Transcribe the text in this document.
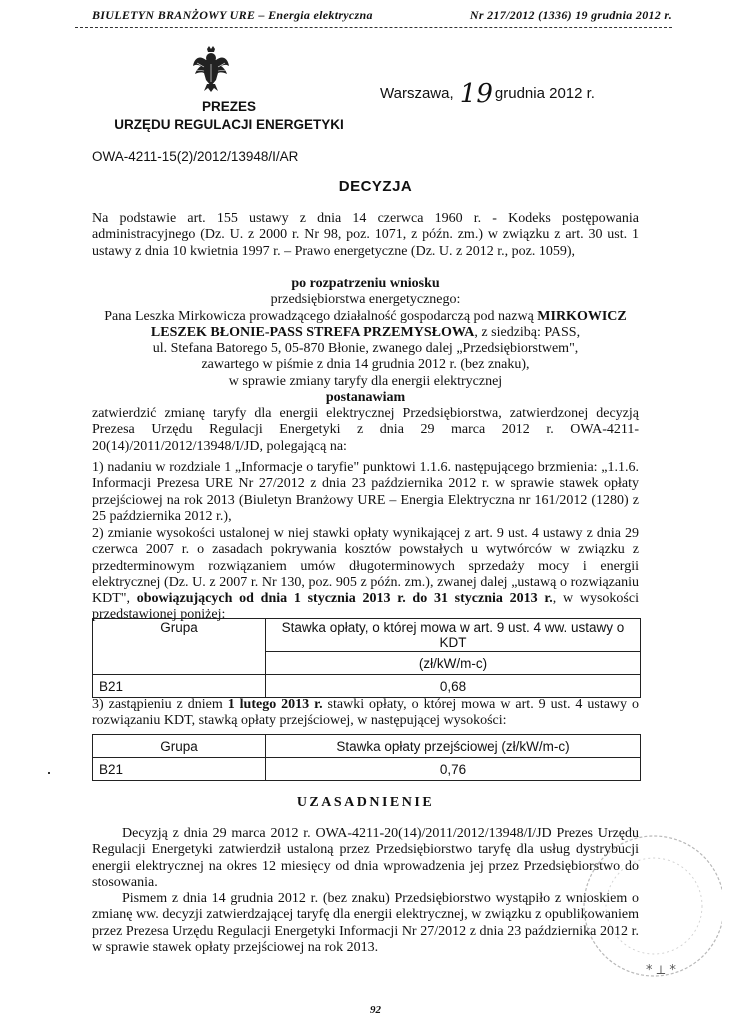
BIULETYN BRANŻOWY URE – Energia elektryczna	Nr 217/2012 (1336) 19 grudnia 2012 r.
PREZES
URZĘDU REGULACJI ENERGETYKI
Warszawa, 19 grudnia 2012 r.
OWA-4211-15(2)/2012/13948/I/AR
DECYZJA
Na podstawie art. 155 ustawy z dnia 14 czerwca 1960 r. - Kodeks postępowania administracyjnego (Dz. U. z 2000 r. Nr 98, poz. 1071, z późn. zm.) w związku z art. 30 ust. 1 ustawy z dnia 10 kwietnia 1997 r. – Prawo energetyczne (Dz. U. z 2012 r., poz. 1059),
po rozpatrzeniu wniosku
przedsiębiorstwa energetycznego:
Pana Leszka Mirkowicza prowadzącego działalność gospodarczą pod nazwą MIRKOWICZ
LESZEK BŁONIE-PASS STREFA PRZEMYSŁOWA, z siedzibą: PASS,
ul. Stefana Batorego 5, 05-870 Błonie, zwanego dalej „Przedsiębiorstwem",
zawartego w piśmie z dnia 14 grudnia 2012 r. (bez znaku),
w sprawie zmiany taryfy dla energii elektrycznej
postanawiam
zatwierdzić zmianę taryfy dla energii elektrycznej Przedsiębiorstwa, zatwierdzonej decyzją Prezesa Urzędu Regulacji Energetyki z dnia 29 marca 2012 r. OWA-4211-20(14)/2011/2012/13948/I/JD, polegającą na:
1) nadaniu w rozdziale 1 „Informacje o taryfie" punktowi 1.1.6. następującego brzmienia: „1.1.6. Informacji Prezesa URE Nr 27/2012 z dnia 23 października 2012 r. w sprawie stawek opłaty przejściowej na rok 2013 (Biuletyn Branżowy URE – Energia Elektryczna nr 161/2012 (1280) z 25 października 2012 r.),
2) zmianie wysokości ustalonej w niej stawki opłaty wynikającej z art. 9 ust. 4 ustawy z dnia 29 czerwca 2007 r. o zasadach pokrywania kosztów powstałych u wytwórców w związku z przedterminowym rozwiązaniem umów długoterminowych sprzedaży mocy i energii elektrycznej (Dz. U. z 2007 r. Nr 130, poz. 905 z późn. zm.), zwanej dalej „ustawą o rozwiązaniu KDT", obowiązujących od dnia 1 stycznia 2013 r. do 31 stycznia 2013 r., w wysokości przedstawionej poniżej:
Grupa	Stawka opłaty, o której mowa w art. 9 ust. 4 ww. ustawy o KDT
	(zł/kW/m-c)
B21	0,68
3) zastąpieniu z dniem 1 lutego 2013 r. stawki opłaty, o której mowa w art. 9 ust. 4 ustawy o rozwiązaniu KDT, stawką opłaty przejściowej, w następującej wysokości:
Grupa	Stawka opłaty przejściowej (zł/kW/m-c)
B21	0,76
UZASADNIENIE
Decyzją z dnia 29 marca 2012 r. OWA-4211-20(14)/2011/2012/13948/I/JD Prezes Urzędu Regulacji Energetyki zatwierdził ustaloną przez Przedsiębiorstwo taryfę dla usług dystrybucji energii elektrycznej na okres 12 miesięcy od dnia wprowadzenia jej przez Przedsiębiorstwo do stosowania.
Pismem z dnia 14 grudnia 2012 r. (bez znaku) Przedsiębiorstwo wystąpiło z wnioskiem o zmianę ww. decyzji zatwierdzającej taryfę dla energii elektrycznej, w związku z opublikowaniem przez Prezesa Urzędu Regulacji Energetyki Informacji Nr 27/2012 z dnia 23 października 2012 r. w sprawie stawek opłaty przejściowej na rok 2013.
* ⟂ *
92
